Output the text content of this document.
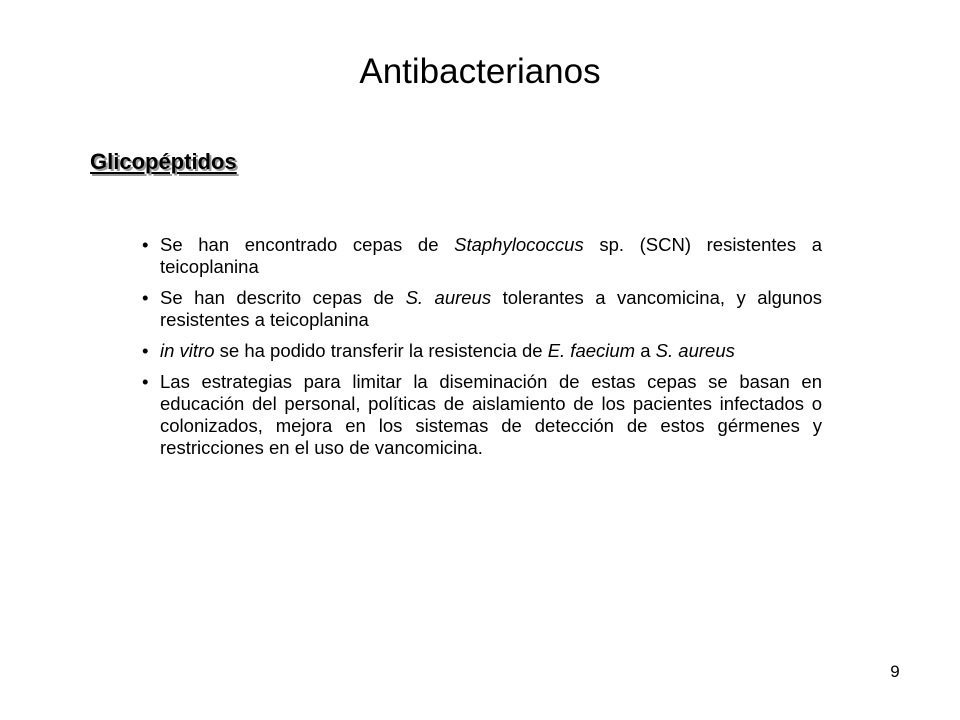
Antibacterianos
Glicopéptidos
• Se han encontrado cepas de Staphylococcus sp. (SCN) resistentes a teicoplanina
• Se han descrito cepas de S. aureus tolerantes a vancomicina, y algunos resistentes a teicoplanina
• in vitro se ha podido transferir la resistencia de E. faecium a S. aureus
• Las estrategias para limitar la diseminación de estas cepas se basan en educación del personal, políticas de aislamiento de los pacientes infectados o colonizados, mejora en los sistemas de detección de estos gérmenes y restricciones en el uso de vancomicina.
9
